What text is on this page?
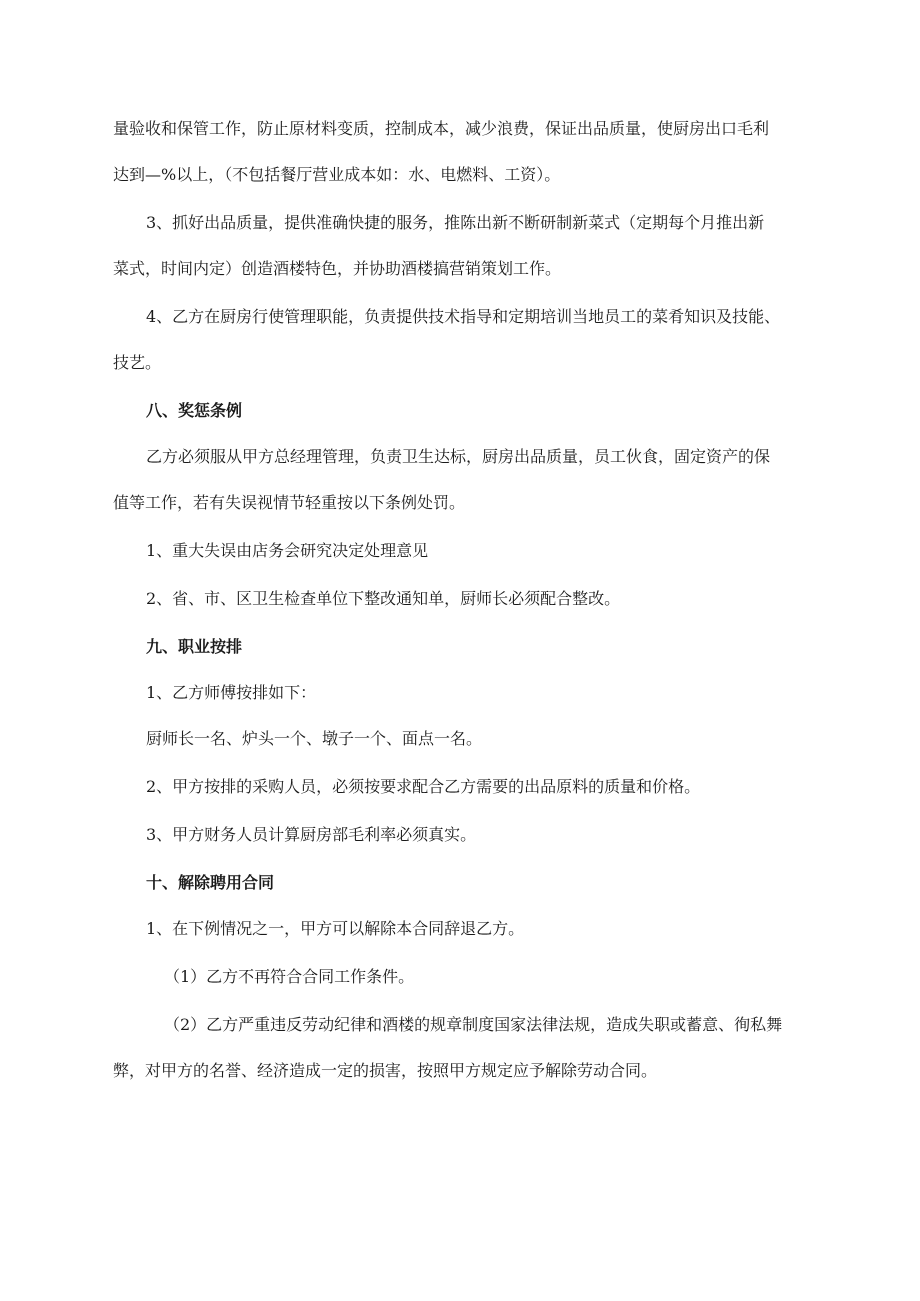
量验收和保管工作，防止原材料变质，控制成本，减少浪费，保证出品质量，使厨房出口毛利

达到—%以上，（不包括餐厅营业成本如：水、电燃料、工资）。

3、抓好出品质量，提供准确快捷的服务，推陈出新不断研制新菜式（定期每个月推出新

菜式，时间内定）创造酒楼特色，并协助酒楼搞营销策划工作。

4、乙方在厨房行使管理职能，负责提供技术指导和定期培训当地员工的菜肴知识及技能、

技艺。

八、奖惩条例

乙方必须服从甲方总经理管理，负责卫生达标，厨房出品质量，员工伙食，固定资产的保

值等工作，若有失误视情节轻重按以下条例处罚。

1、重大失误由店务会研究决定处理意见

2、省、市、区卫生检查单位下整改通知单，厨师长必须配合整改。

九、职业按排

1、乙方师傅按排如下：

厨师长一名、炉头一个、墩子一个、面点一名。

2、甲方按排的采购人员，必须按要求配合乙方需要的出品原料的质量和价格。

3、甲方财务人员计算厨房部毛利率必须真实。

十、解除聘用合同

1、在下例情况之一，甲方可以解除本合同辞退乙方。

（1）乙方不再符合合同工作条件。

（2）乙方严重违反劳动纪律和酒楼的规章制度国家法律法规，造成失职或蓄意、徇私舞

弊，对甲方的名誉、经济造成一定的损害，按照甲方规定应予解除劳动合同。
